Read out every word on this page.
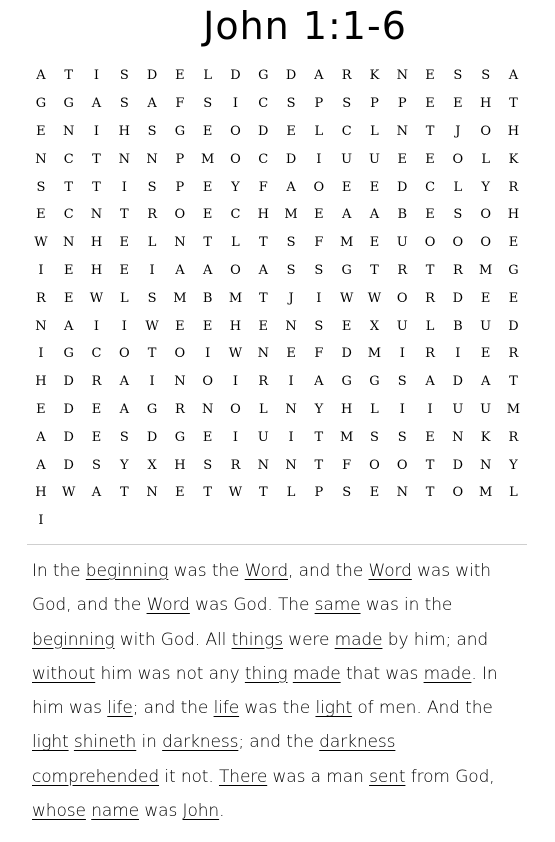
John 1:1-6
A	T	I	S	D	E	L	D	G	D	A	R	K	N	E	S	S	A
G	G	A	S	A	F	S	I	C	S	P	S	P	P	E	E	H	T
E	N	I	H	S	G	E	O	D	E	L	C	L	N	T	J	O	H
N	C	T	N	N	P	M	O	C	D	I	U	U	E	E	O	L	K
S	T	T	I	S	P	E	Y	F	A	O	E	E	D	C	L	Y	R
E	C	N	T	R	O	E	C	H	M	E	A	A	B	E	S	O	H
W	N	H	E	L	N	T	L	T	S	F	M	E	U	O	O	O	E
I	E	H	E	I	A	A	O	A	S	S	G	T	R	T	R	M	G
R	E	W	L	S	M	B	M	T	J	I	W	W	O	R	D	E	E
N	A	I	I	W	E	E	H	E	N	S	E	X	U	L	B	U	D
I	G	C	O	T	O	I	W	N	E	F	D	M	I	R	I	E	R
H	D	R	A	I	N	O	I	R	I	A	G	G	S	A	D	A	T
E	D	E	A	G	R	N	O	L	N	Y	H	L	I	I	U	U	M
A	D	E	S	D	G	E	I	U	I	T	M	S	S	E	N	K	R
A	D	S	Y	X	H	S	R	N	N	T	F	O	O	T	D	N	Y
H	W	A	T	N	E	T	W	T	L	P	S	E	N	T	O	M	L
I
In the beginning was the Word, and the Word was with God, and the Word was God. The same was in the beginning with God. All things were made by him; and without him was not any thing made that was made. In him was life; and the life was the light of men. And the light shineth in darkness; and the darkness comprehended it not. There was a man sent from God, whose name was John.
